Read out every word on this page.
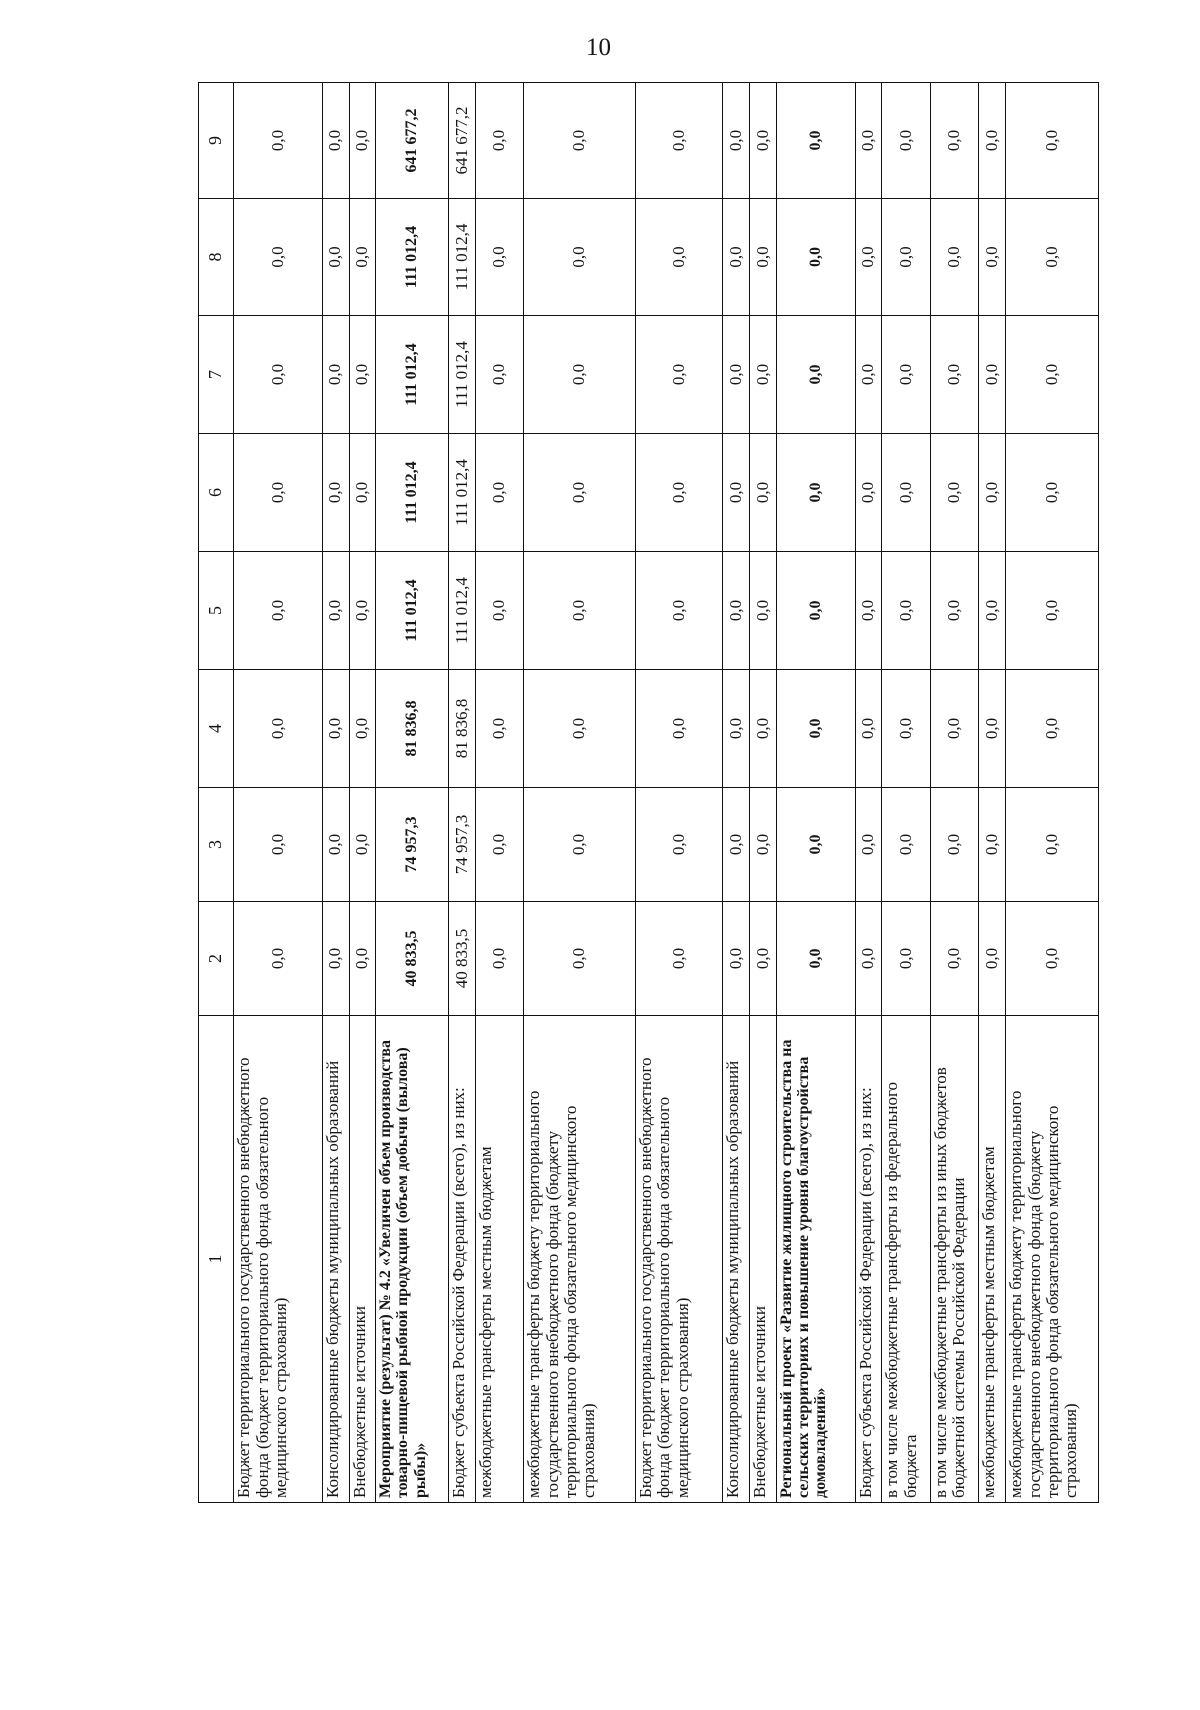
10
1	2	3	4	5	6	7	8	9
Бюджет территориального государственного внебюджетного фонда (бюджет территориального фонда обязательного медицинского страхования)	0,0	0,0	0,0	0,0	0,0	0,0	0,0	0,0
Консолидированные бюджеты муниципальных образований	0,0	0,0	0,0	0,0	0,0	0,0	0,0	0,0
Внебюджетные источники	0,0	0,0	0,0	0,0	0,0	0,0	0,0	0,0
Мероприятие (результат) № 4.2 «Увеличен объем производства товарно-пищевой рыбной продукции (объем добычи (вылова) рыбы)»	40 833,5	74 957,3	81 836,8	111 012,4	111 012,4	111 012,4	111 012,4	641 677,2
Бюджет субъекта Российской Федерации (всего), из них:	40 833,5	74 957,3	81 836,8	111 012,4	111 012,4	111 012,4	111 012,4	641 677,2
межбюджетные трансферты местным бюджетам	0,0	0,0	0,0	0,0	0,0	0,0	0,0	0,0
межбюджетные трансферты бюджету территориального государственного внебюджетного фонда (бюджету территориального фонда обязательного медицинского страхования)	0,0	0,0	0,0	0,0	0,0	0,0	0,0	0,0
Бюджет территориального государственного внебюджетного фонда (бюджет территориального фонда обязательного медицинского страхования)	0,0	0,0	0,0	0,0	0,0	0,0	0,0	0,0
Консолидированные бюджеты муниципальных образований	0,0	0,0	0,0	0,0	0,0	0,0	0,0	0,0
Внебюджетные источники	0,0	0,0	0,0	0,0	0,0	0,0	0,0	0,0
Региональный проект «Развитие жилищного строительства на сельских территориях и повышение уровня благоустройства домовладений»	0,0	0,0	0,0	0,0	0,0	0,0	0,0	0,0
Бюджет субъекта Российской Федерации (всего), из них:	0,0	0,0	0,0	0,0	0,0	0,0	0,0	0,0
в том числе межбюджетные трансферты из федерального бюджета	0,0	0,0	0,0	0,0	0,0	0,0	0,0	0,0
в том числе межбюджетные трансферты из иных бюджетов бюджетной системы Российской Федерации	0,0	0,0	0,0	0,0	0,0	0,0	0,0	0,0
межбюджетные трансферты местным бюджетам	0,0	0,0	0,0	0,0	0,0	0,0	0,0	0,0
межбюджетные трансферты бюджету территориального государственного внебюджетного фонда (бюджету территориального фонда обязательного медицинского страхования)	0,0	0,0	0,0	0,0	0,0	0,0	0,0	0,0
